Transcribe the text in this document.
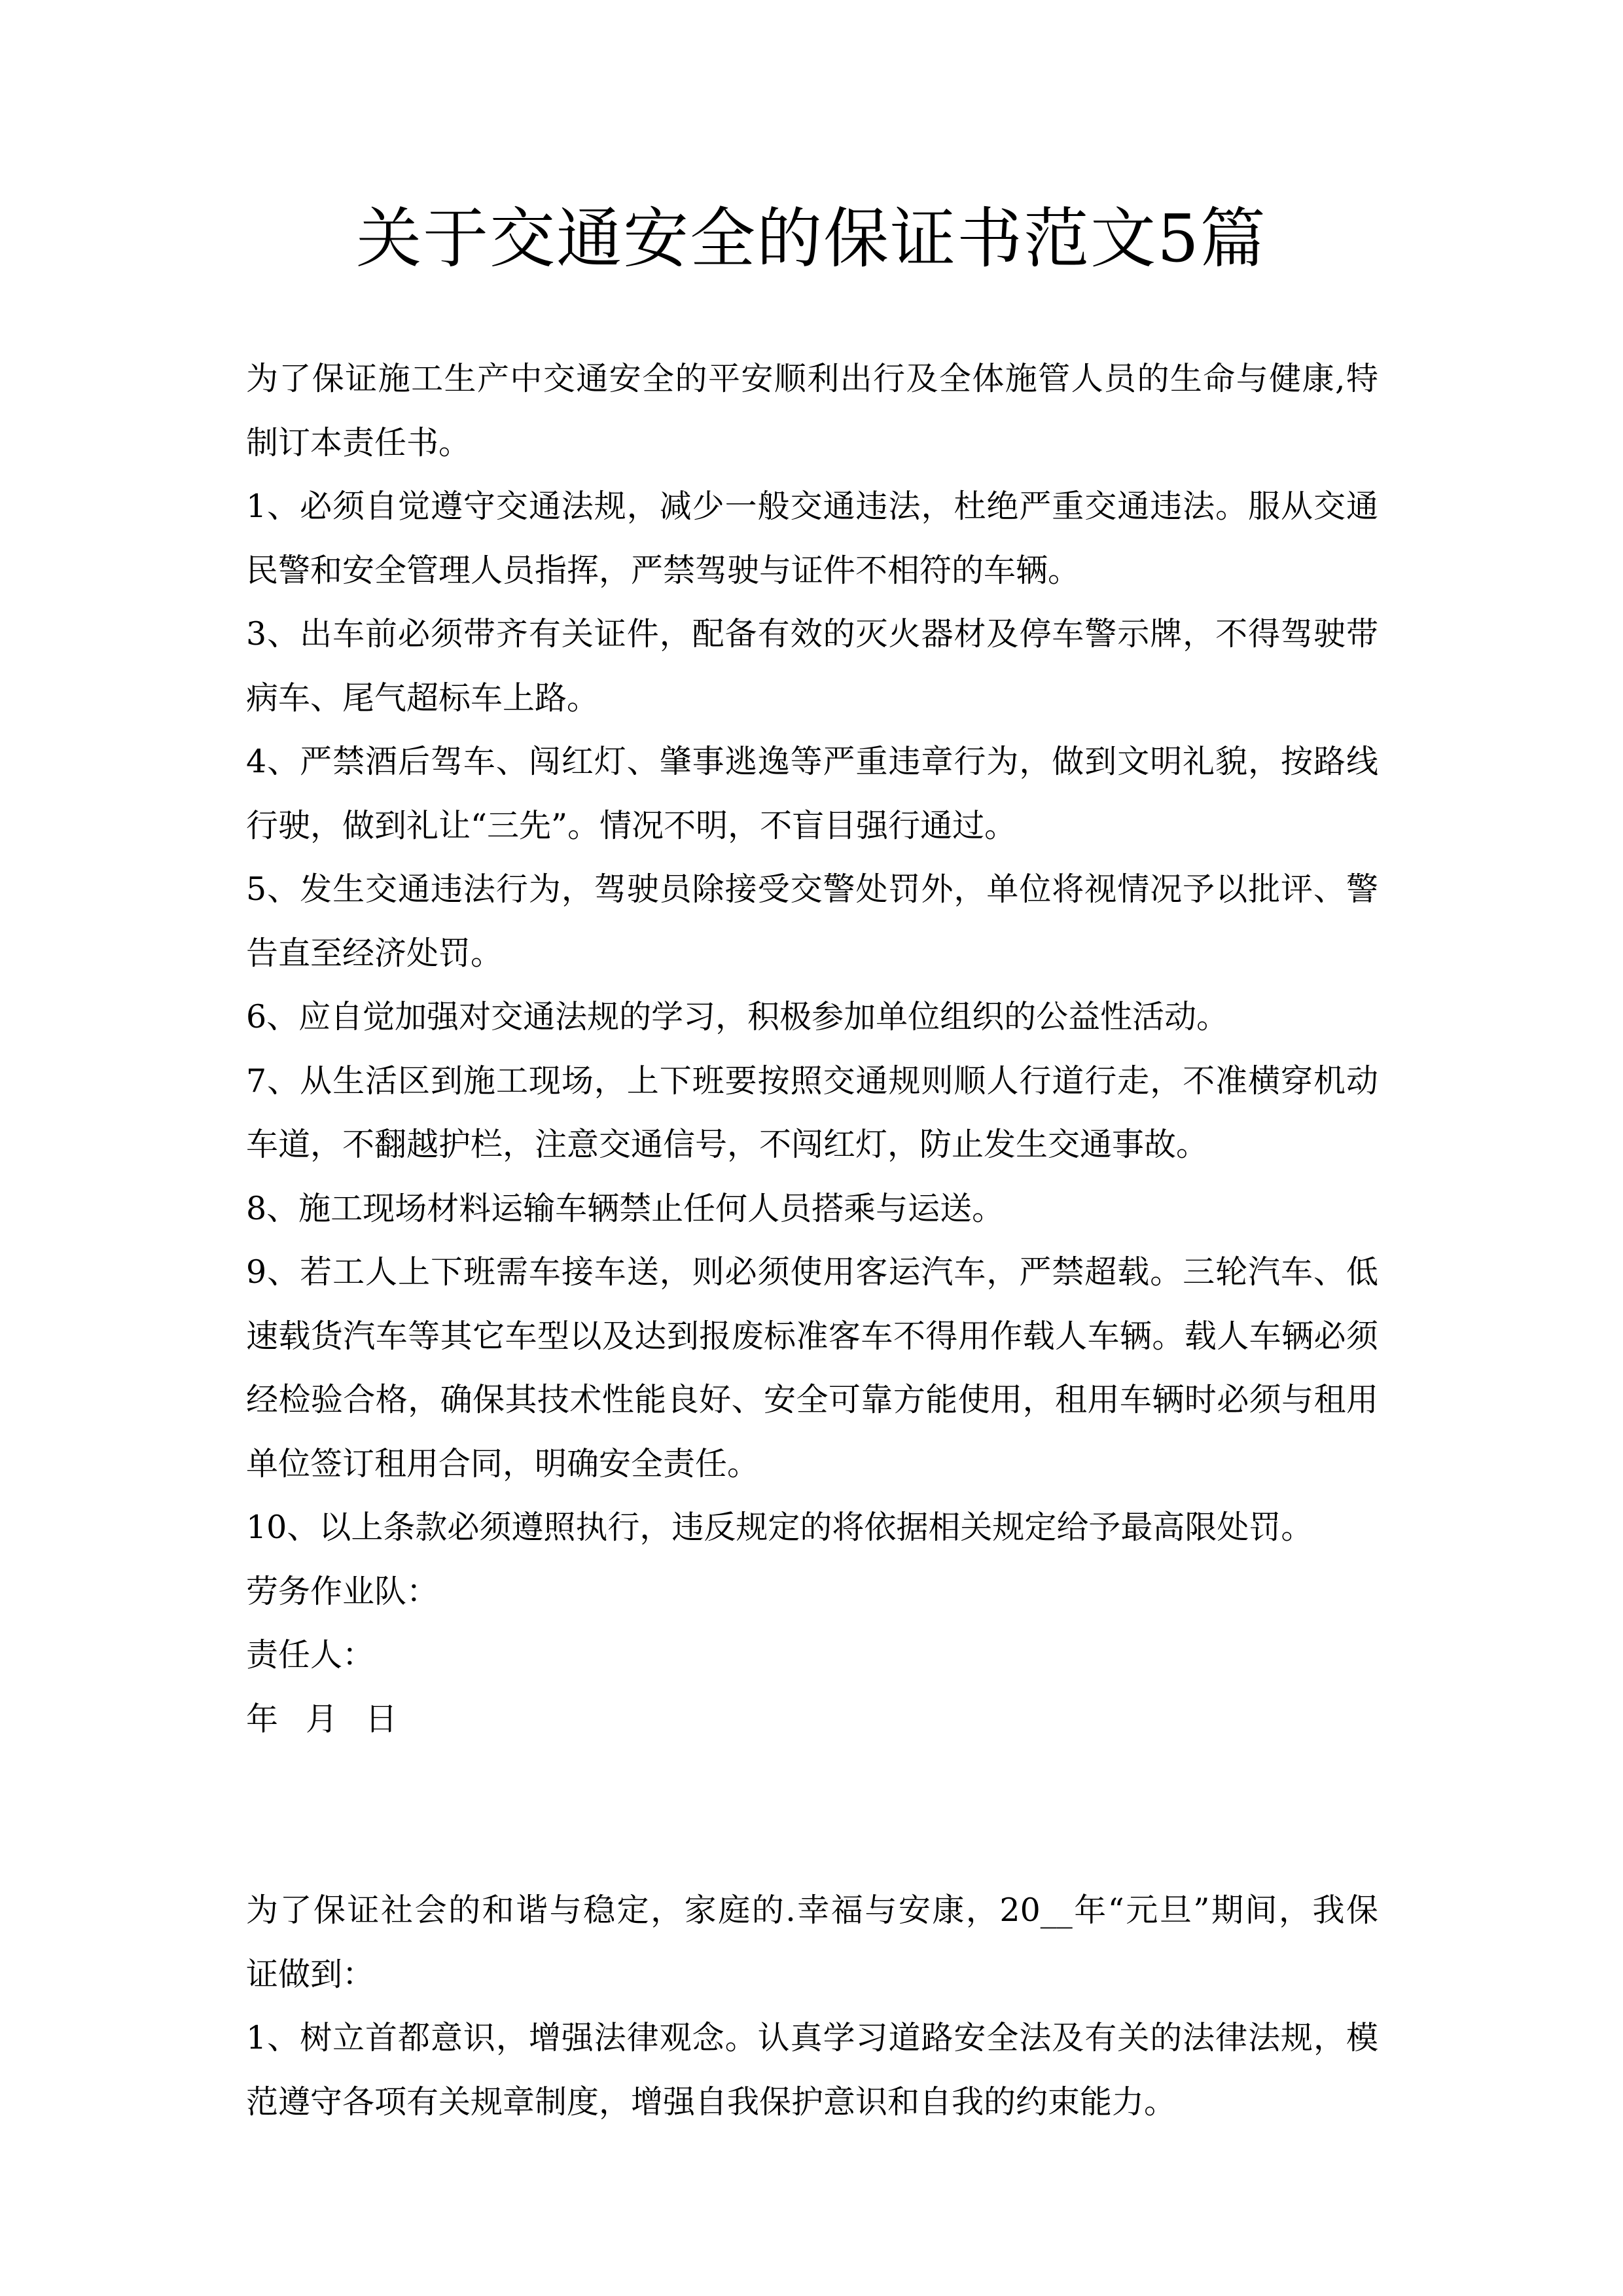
关于交通安全的保证书范文5篇

为了保证施工生产中交通安全的平安顺利出行及全体施管人员的生命与健康,特

制订本责任书。

1、必须自觉遵守交通法规，减少一般交通违法，杜绝严重交通违法。服从交通

民警和安全管理人员指挥，严禁驾驶与证件不相符的车辆。

3、出车前必须带齐有关证件，配备有效的灭火器材及停车警示牌，不得驾驶带

病车、尾气超标车上路。

4、严禁酒后驾车、闯红灯、肇事逃逸等严重违章行为，做到文明礼貌，按路线

行驶，做到礼让“三先”。情况不明，不盲目强行通过。

5、发生交通违法行为，驾驶员除接受交警处罚外，单位将视情况予以批评、警

告直至经济处罚。

6、应自觉加强对交通法规的学习，积极参加单位组织的公益性活动。

7、从生活区到施工现场，上下班要按照交通规则顺人行道行走，不准横穿机动

车道，不翻越护栏，注意交通信号，不闯红灯，防止发生交通事故。

8、施工现场材料运输车辆禁止任何人员搭乘与运送。

9、若工人上下班需车接车送，则必须使用客运汽车，严禁超载。三轮汽车、低

速载货汽车等其它车型以及达到报废标准客车不得用作载人车辆。载人车辆必须

经检验合格，确保其技术性能良好、安全可靠方能使用，租用车辆时必须与租用

单位签订租用合同，明确安全责任。

10、以上条款必须遵照执行，违反规定的将依据相关规定给予最高限处罚。

劳务作业队：

责任人：

年 月 日

为了保证社会的和谐与稳定，家庭的.幸福与安康，20__年“元旦”期间，我保

证做到：

1、树立首都意识，增强法律观念。认真学习道路安全法及有关的法律法规，模

范遵守各项有关规章制度，增强自我保护意识和自我的约束能力。
